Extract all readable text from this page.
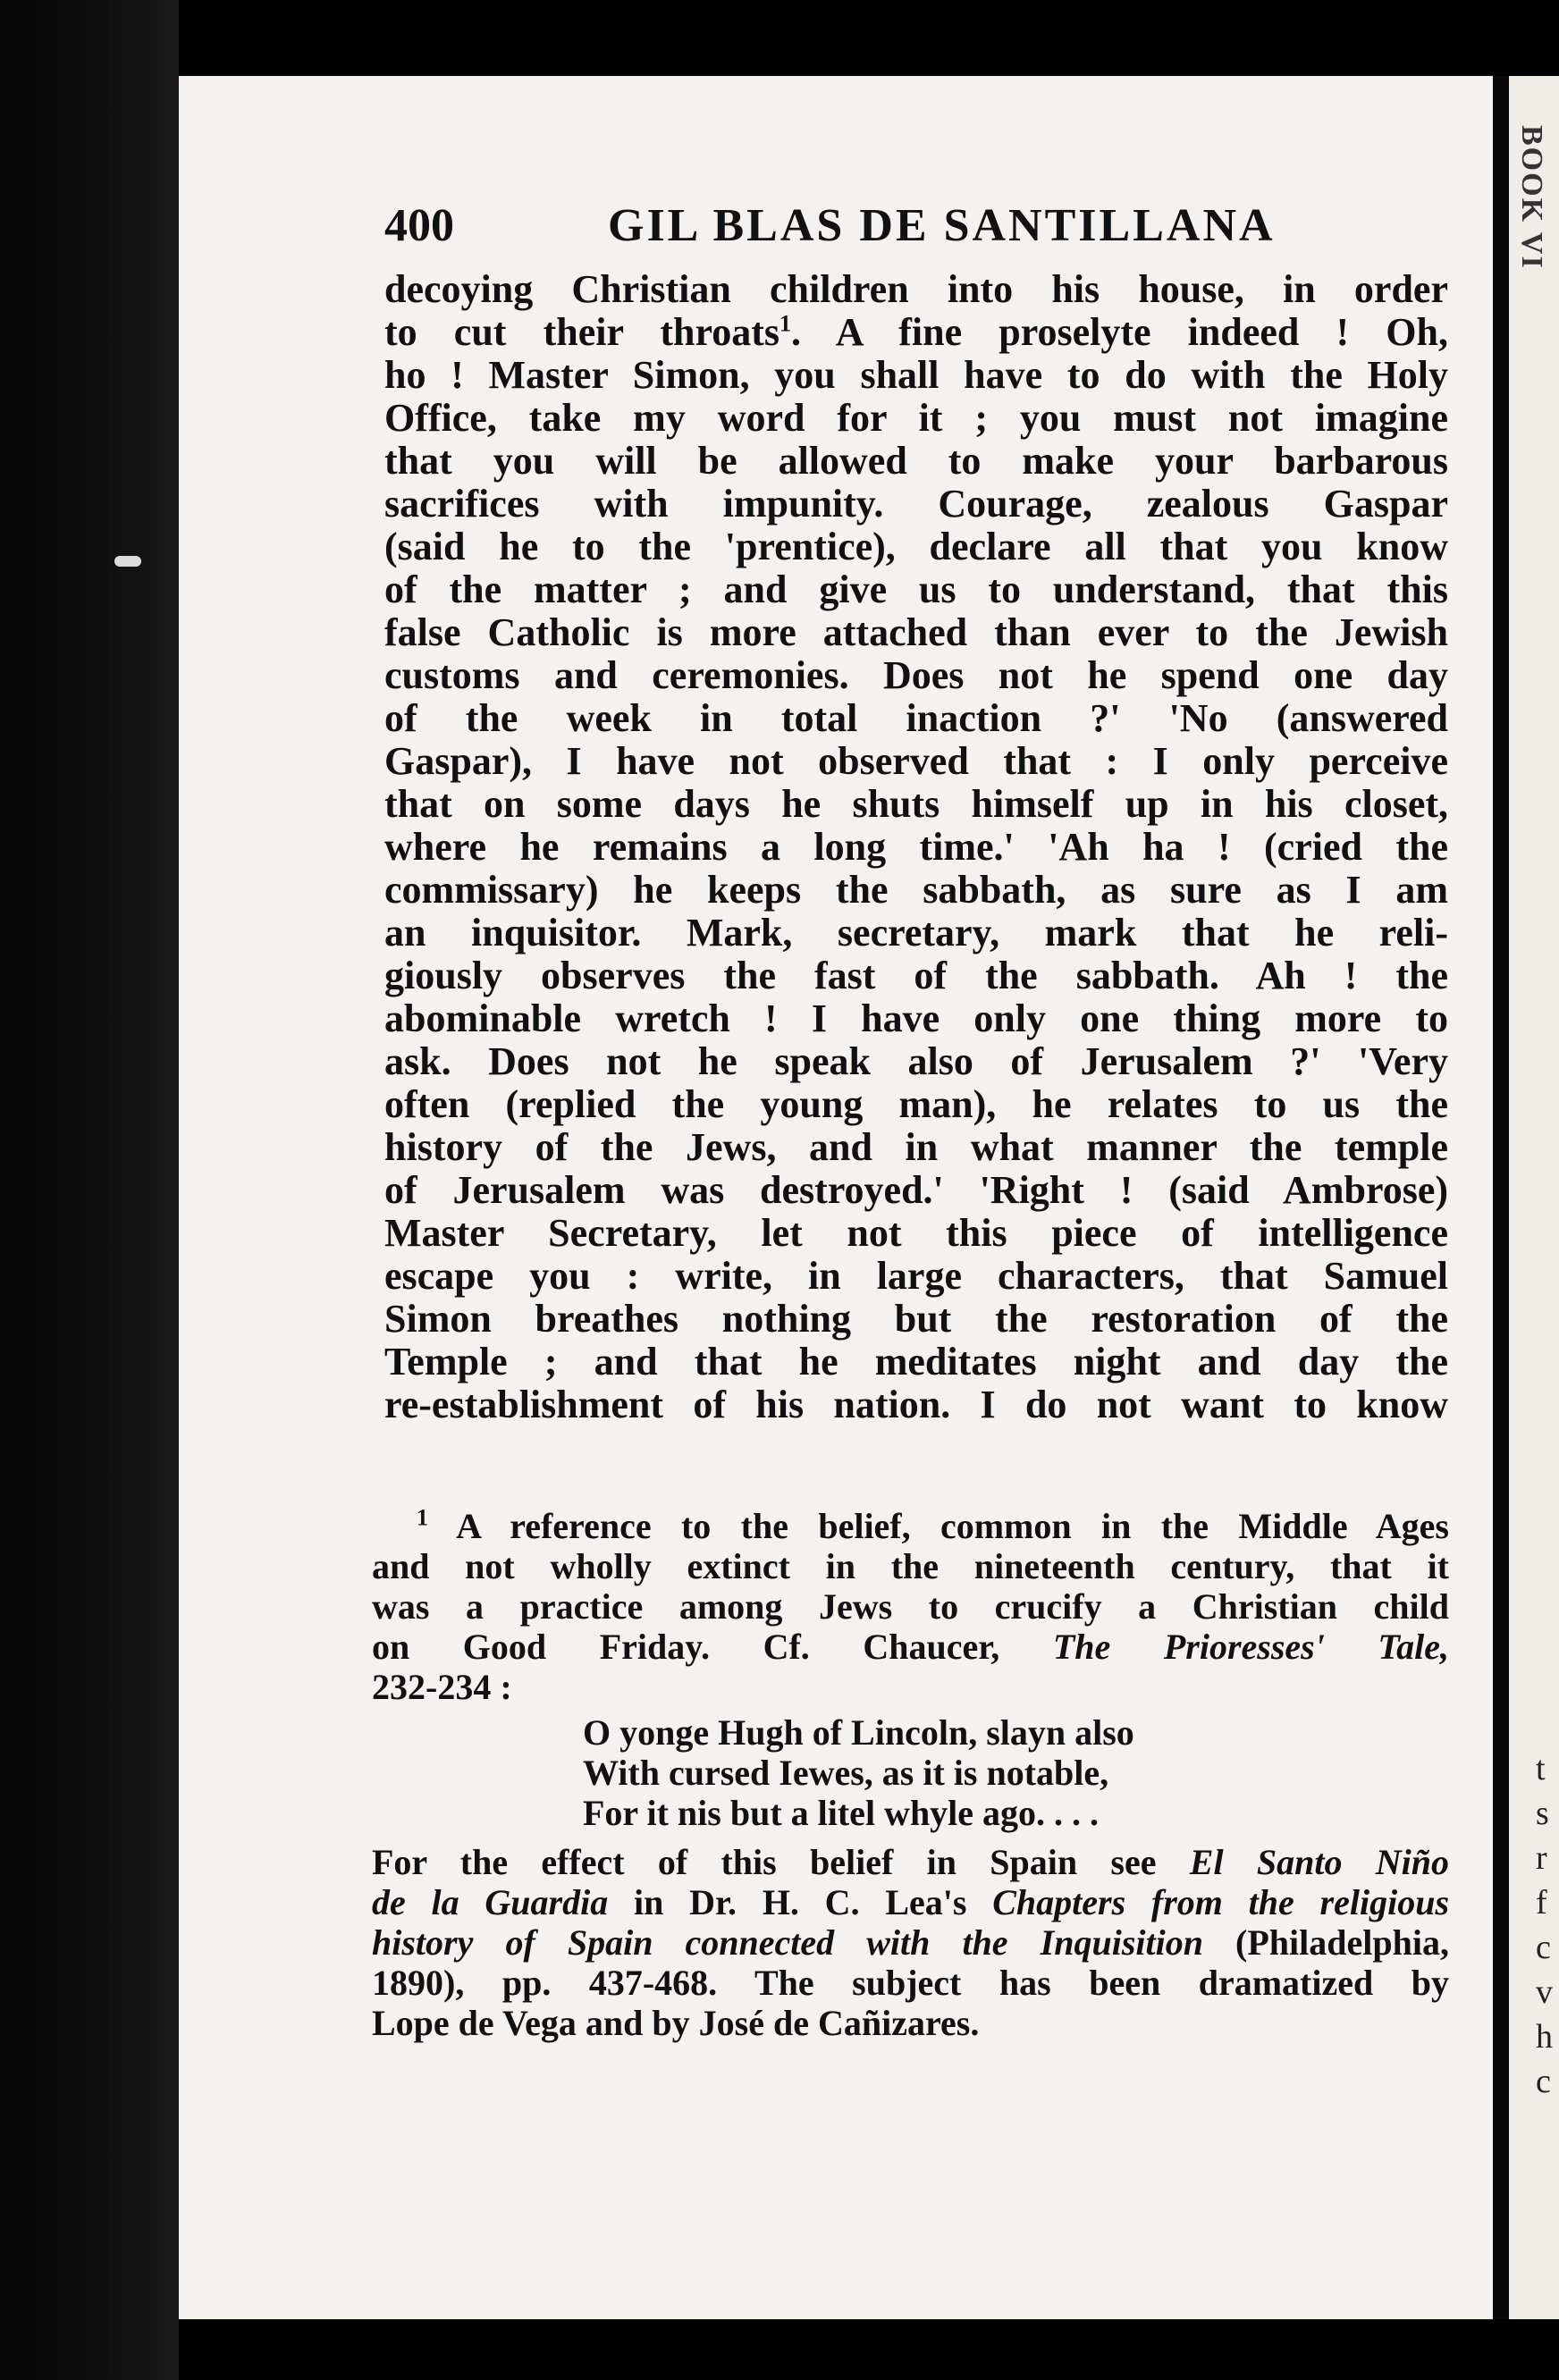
BOOK VI
t
s
r
f
c
v
h
c
400	GIL BLAS DE SANTILLANA
decoying Christian children into his house, in order
to cut their throats$^1$. A fine proselyte indeed ! Oh,
ho ! Master Simon, you shall have to do with the Holy
Office, take my word for it ; you must not imagine
that you will be allowed to make your barbarous
sacrifices with impunity. Courage, zealous Gaspar
(said he to the 'prentice), declare all that you know
of the matter ; and give us to understand, that this
false Catholic is more attached than ever to the Jewish
customs and ceremonies. Does not he spend one day
of the week in total inaction ?' 'No (answered
Gaspar), I have not observed that : I only perceive
that on some days he shuts himself up in his closet,
where he remains a long time.' 'Ah ha ! (cried the
commissary) he keeps the sabbath, as sure as I am
an inquisitor. Mark, secretary, mark that he reli-
giously observes the fast of the sabbath. Ah ! the
abominable wretch ! I have only one thing more to
ask. Does not he speak also of Jerusalem ?' 'Very
often (replied the young man), he relates to us the
history of the Jews, and in what manner the temple
of Jerusalem was destroyed.' 'Right ! (said Ambrose)
Master Secretary, let not this piece of intelligence
escape you : write, in large characters, that Samuel
Simon breathes nothing but the restoration of the
Temple ; and that he meditates night and day the
re-establishment of his nation. I do not want to know
$^1$ A reference to the belief, common in the Middle Ages
and not wholly extinct in the nineteenth century, that it
was a practice among Jews to crucify a Christian child
on Good Friday. Cf. Chaucer, The Prioresses' Tale,
232-234 :
O yonge Hugh of Lincoln, slayn also
With cursed Iewes, as it is notable,
For it nis but a litel whyle ago. . . .
For the effect of this belief in Spain see El Santo Niño
de la Guardia in Dr. H. C. Lea's Chapters from the religious
history of Spain connected with the Inquisition (Philadelphia,
1890), pp. 437-468. The subject has been dramatized by
Lope de Vega and by José de Cañizares.
